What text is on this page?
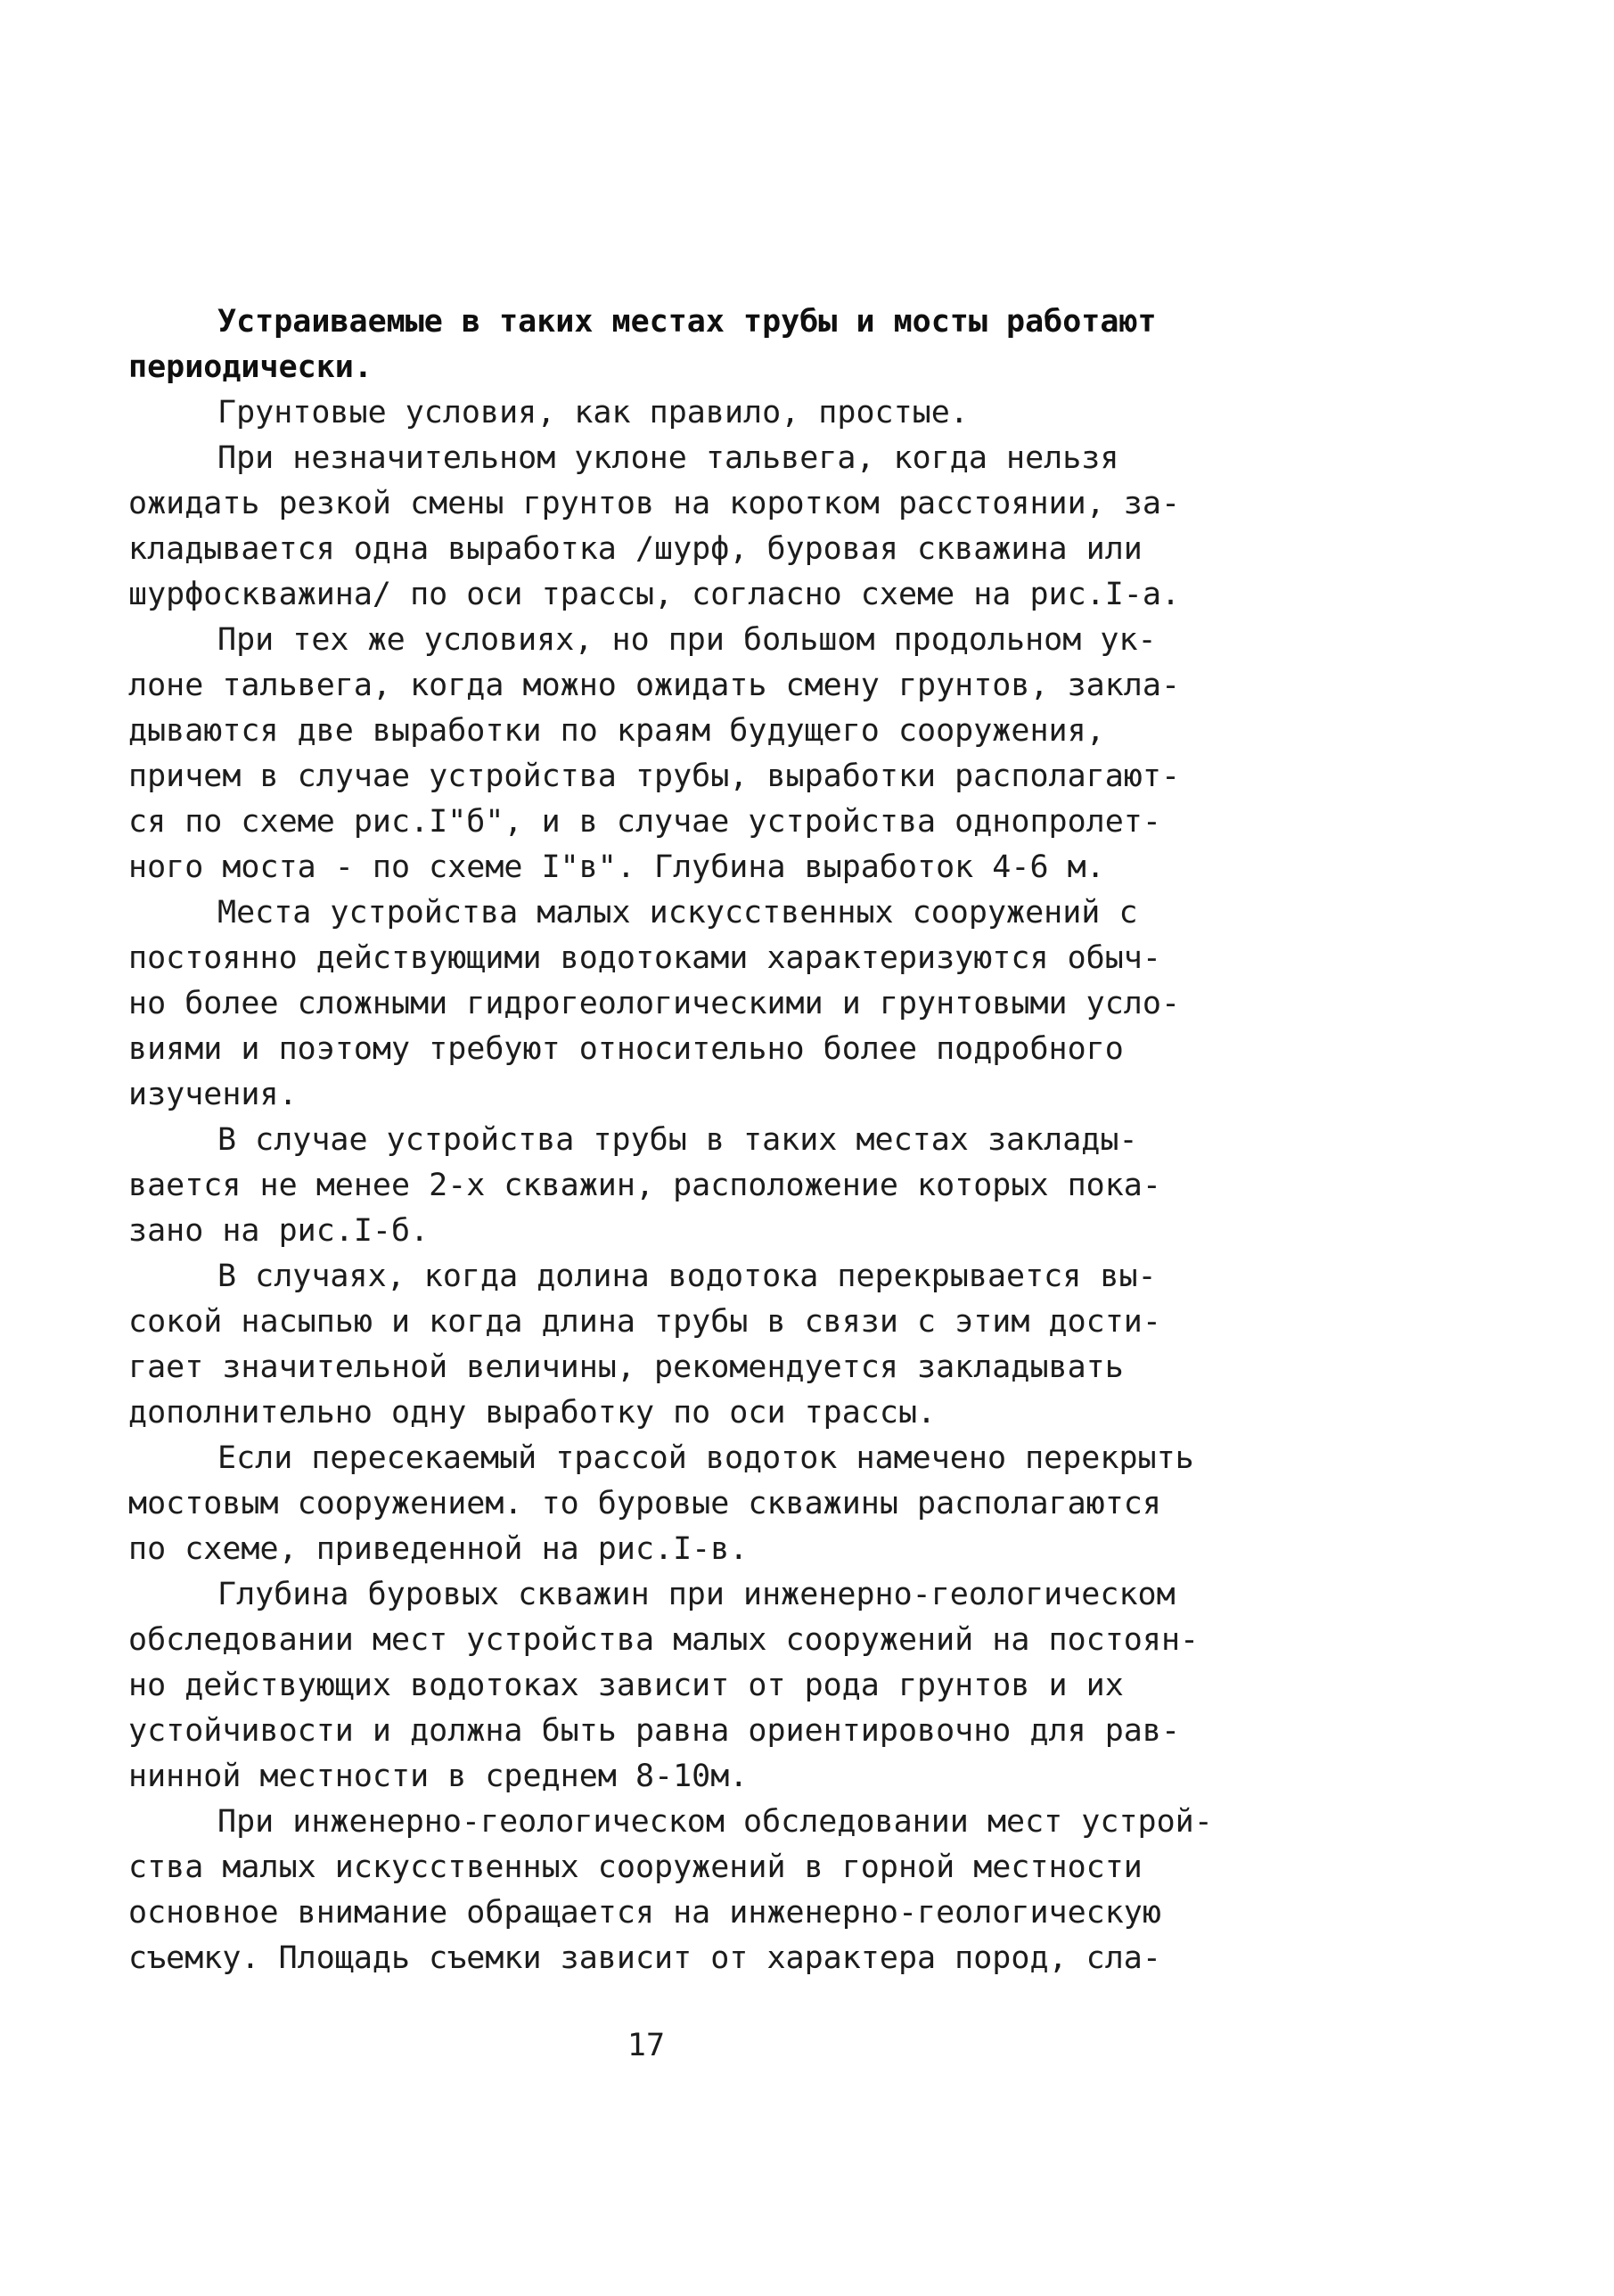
Устраиваемые в таких местах трубы и мосты работают
периодически.
Грунтовые условия, как правило, простые.
При незначительном уклоне тальвега, когда нельзя
ожидать резкой смены грунтов на коротком расстоянии, за-
кладывается одна выработка /шурф, буровая скважина или
шурфоскважина/ по оси трассы, согласно схеме на рис.I-а.
При тех же условиях, но при большом продольном ук-
лоне тальвега, когда можно ожидать смену грунтов, закла-
дываются две выработки по краям будущего сооружения,
причем в случае устройства трубы, выработки располагают-
ся по схеме рис.I"б", и в случае устройства однопролет-
ного моста - по схеме I"в". Глубина выработок 4-6 м.
Места устройства малых искусственных сооружений с
постоянно действующими водотоками характеризуются обыч-
но более сложными гидрогеологическими и грунтовыми усло-
виями и поэтому требуют относительно более подробного
изучения.
В случае устройства трубы в таких местах заклады-
вается не менее 2-х скважин, расположение которых пока-
зано на рис.I-б.
В случаях, когда долина водотока перекрывается вы-
сокой насыпью и когда длина трубы в связи с этим дости-
гает значительной величины, рекомендуется закладывать
дополнительно одну выработку по оси трассы.
Если пересекаемый трассой водоток намечено перекрыть
мостовым сооружением. то буровые скважины располагаются
по схеме, приведенной на рис.I-в.
Глубина буровых скважин при инженерно-геологическом
обследовании мест устройства малых сооружений на постоян-
но действующих водотоках зависит от рода грунтов и их
устойчивости и должна быть равна ориентировочно для рав-
нинной местности в среднем 8-10м.
При инженерно-геологическом обследовании мест устрой-
ства малых искусственных сооружений в горной местности
основное внимание обращается на инженерно-геологическую
съемку. Площадь съемки зависит от характера пород, сла-
17
